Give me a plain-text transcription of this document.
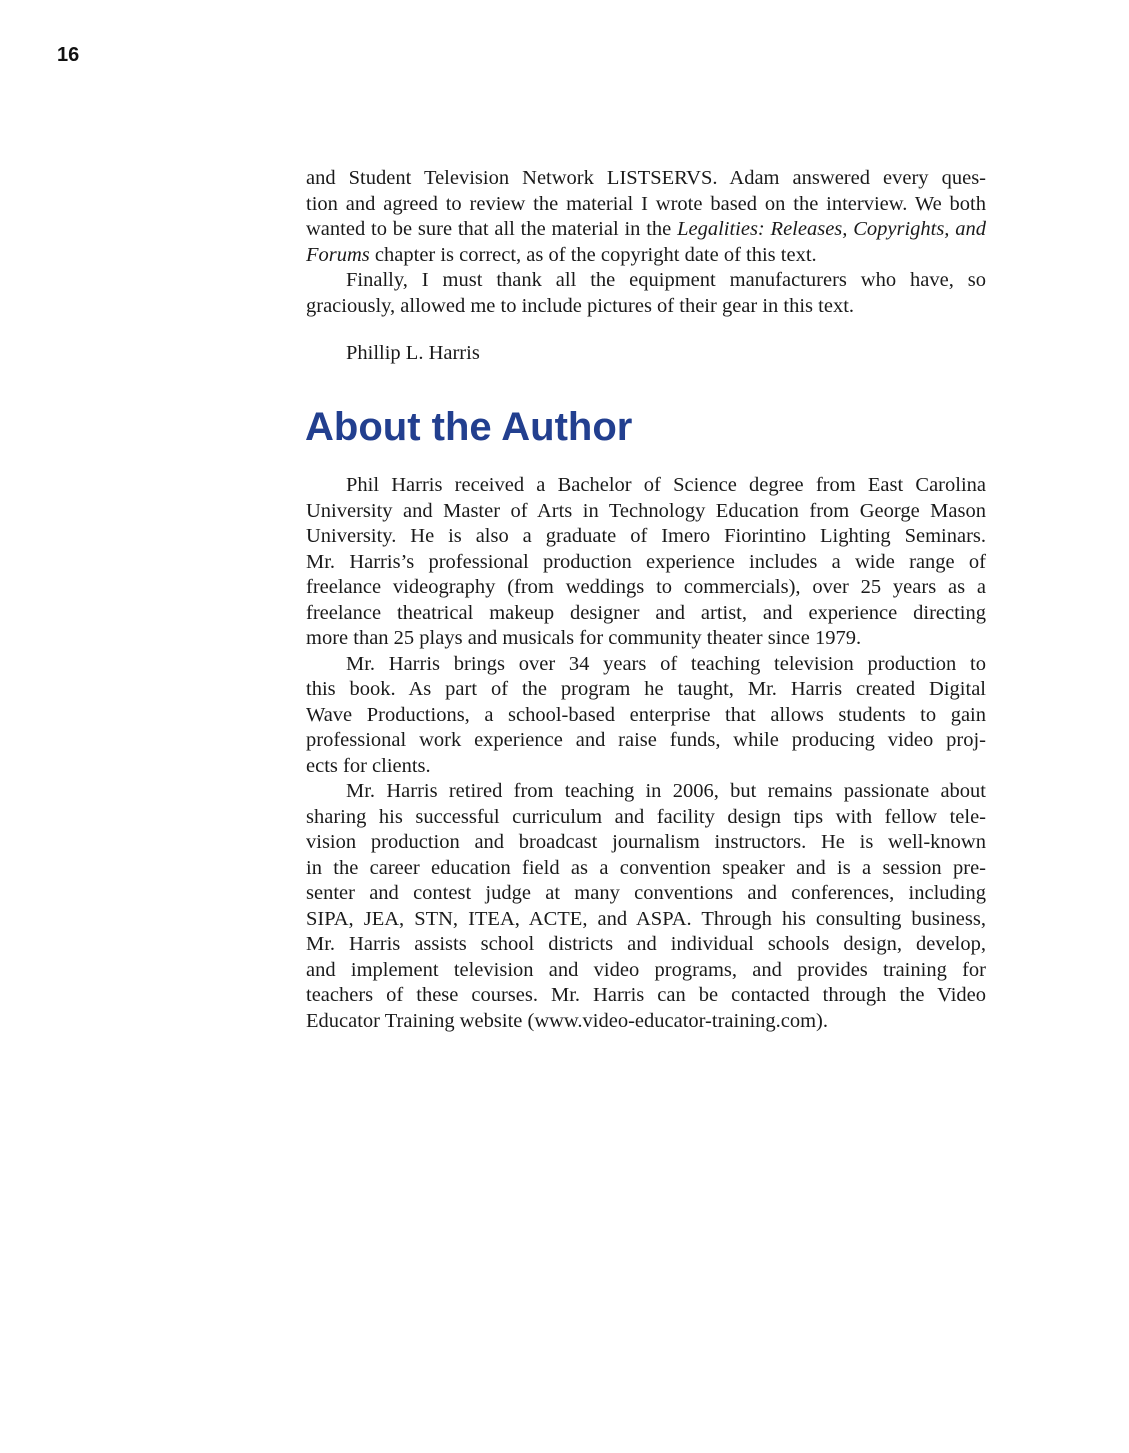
16
and Student Television Network LISTSERVS. Adam answered every ques-
tion and agreed to review the material I wrote based on the interview. We both
wanted to be sure that all the material in the Legalities: Releases, Copyrights, and
Forums chapter is correct, as of the copyright date of this text.
Finally, I must thank all the equipment manufacturers who have, so
graciously, allowed me to include pictures of their gear in this text.
Phillip L. Harris
About the Author
Phil Harris received a Bachelor of Science degree from East Carolina
University and Master of Arts in Technology Education from George Mason
University. He is also a graduate of Imero Fiorintino Lighting Seminars.
Mr. Harris’s professional production experience includes a wide range of
freelance videography (from weddings to commercials), over 25 years as a
freelance theatrical makeup designer and artist, and experience directing
more than 25 plays and musicals for community theater since 1979.
Mr. Harris brings over 34 years of teaching television production to
this book. As part of the program he taught, Mr. Harris created Digital
Wave Productions, a school-based enterprise that allows students to gain
professional work experience and raise funds, while producing video proj-
ects for clients.
Mr. Harris retired from teaching in 2006, but remains passionate about
sharing his successful curriculum and facility design tips with fellow tele-
vision production and broadcast journalism instructors. He is well-known
in the career education field as a convention speaker and is a session pre-
senter and contest judge at many conventions and conferences, including
SIPA, JEA, STN, ITEA, ACTE, and ASPA. Through his consulting business,
Mr. Harris assists school districts and individual schools design, develop,
and implement television and video programs, and provides training for
teachers of these courses. Mr. Harris can be contacted through the Video
Educator Training website (www.video-educator-training.com).
